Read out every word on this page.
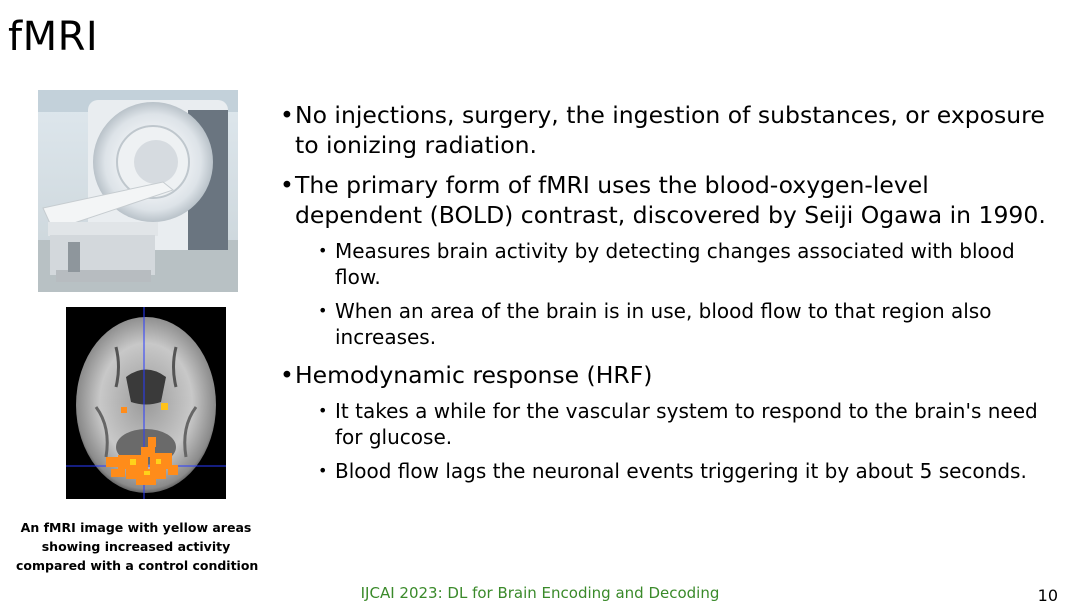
fMRI
An fMRI image with yellow areas
showing increased activity
compared with a control condition
• No injections, surgery, the ingestion of substances, or exposure to ionizing radiation.
• The primary form of fMRI uses the blood-oxygen-level dependent (BOLD) contrast, discovered by Seiji Ogawa in 1990.
• Measures brain activity by detecting changes associated with blood flow.
• When an area of the brain is in use, blood flow to that region also increases.
• Hemodynamic response (HRF)
• It takes a while for the vascular system to respond to the brain's need for glucose.
• Blood flow lags the neuronal events triggering it by about 5 seconds.
IJCAI 2023: DL for Brain Encoding and Decoding	10
